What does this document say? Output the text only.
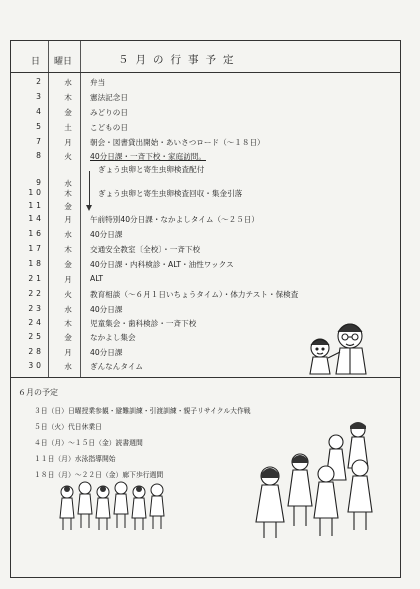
日 曜日	５月の行事予定
2	水	弁当
3	木	憲法記念日
4	金	みどりの日
5	土	こどもの日
7	月	朝会・図書貸出開始・あいさつロード（～１８日）
8	火	40分日課・一斉下校・家庭訪問。
ぎょう虫卵と寄生虫卵検査配付
9	水
10	木	ぎょう虫卵と寄生虫卵検査回収・集金引落
11	金
14	月	午前特別40分日課・なかよしタイム（～２５日）
16	水	40分日課
17	木	交通安全教室〔全校〕・一斉下校
18	金	40分日課・内科検診・ALT・油性ワックス
21	月	ALT
22	火	教育相談（～６月１日いちょうタイム）・体力テスト・保検査
23	水	40分日課
24	木	児童集会・歯科検診・一斉下校
25	金	なかよし集会
28	月	40分日課
30	水	ぎんなんタイム
６月の予定
３日（日）日曜授業参観・避難訓練・引渡訓練・親子リサイクル大作戦
５日（火）代日休業日
４日（月）～１５日（金）読書週間
１１日（月）水泳指導開始
１８日（月）～２２日（金）廊下歩行週間
